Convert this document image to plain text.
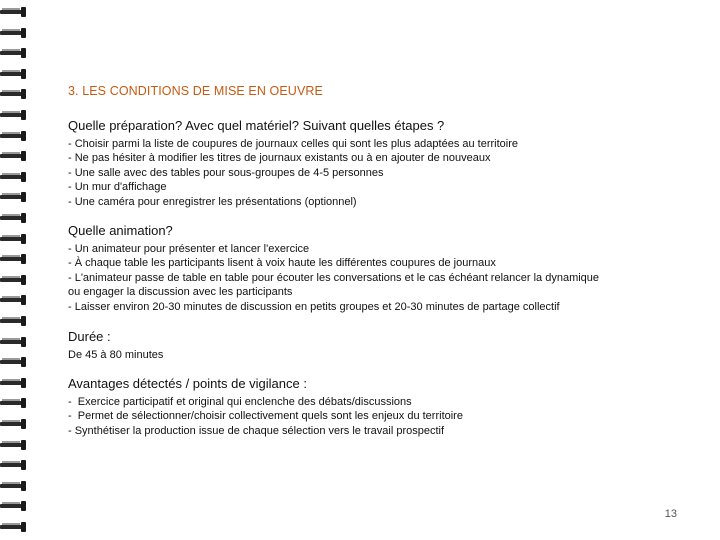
3. LES CONDITIONS DE MISE EN OEUVRE
Quelle préparation? Avec quel matériel? Suivant quelles étapes ?
- Choisir parmi la liste de coupures de journaux celles qui sont les plus adaptées au territoire
- Ne pas hésiter à modifier les titres de journaux existants ou à en ajouter de nouveaux
- Une salle avec des tables pour sous-groupes de 4-5 personnes
- Un mur d'affichage
- Une caméra pour enregistrer les présentations (optionnel)
Quelle animation?
- Un animateur pour présenter et lancer l'exercice
- À chaque table les participants lisent à voix haute les différentes coupures de journaux
- L'animateur passe de table en table pour écouter les conversations et le cas échéant relancer la dynamique
ou engager la discussion avec les participants
- Laisser environ 20-30 minutes de discussion en petits groupes et 20-30 minutes de partage collectif
Durée :
De 45 à 80 minutes
Avantages détectés / points de vigilance :
-  Exercice participatif et original qui enclenche des débats/discussions
-  Permet de sélectionner/choisir collectivement quels sont les enjeux du territoire
- Synthétiser la production issue de chaque sélection vers le travail prospectif
13
